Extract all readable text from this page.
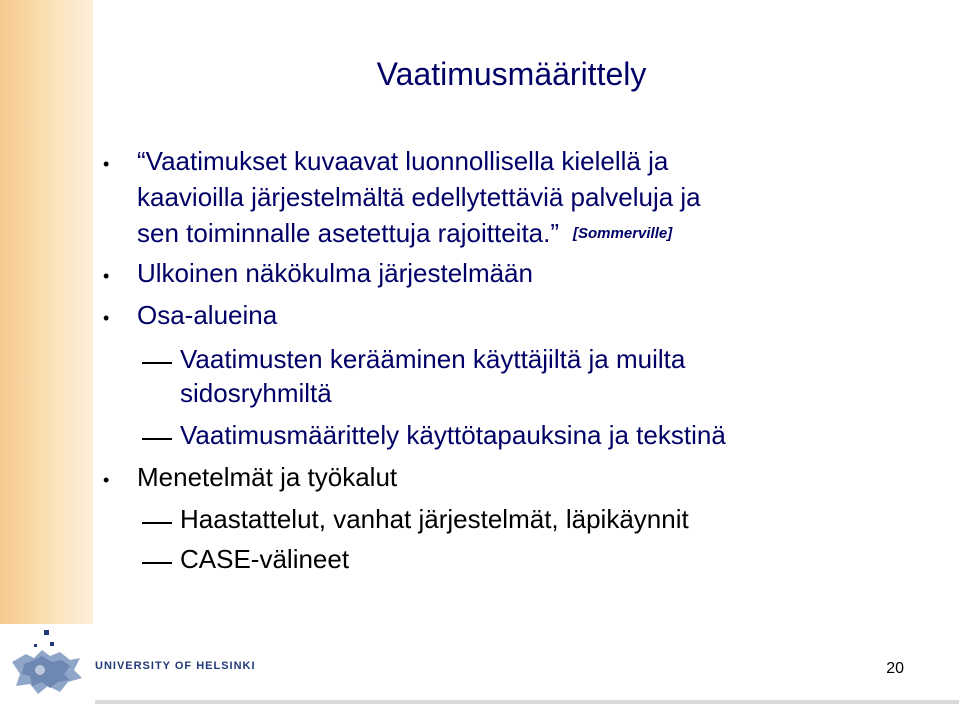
Vaatimusmäärittely
• “Vaatimukset kuvaavat luonnollisella kielellä ja
kaavioilla järjestelmältä edellytettäviä palveluja ja
sen toiminnalle asetettuja rajoitteita.” [Sommerville]
• Ulkoinen näkökulma järjestelmään
• Osa-alueina
Vaatimusten kerääminen käyttäjiltä ja muilta
sidosryhmiltä
Vaatimusmäärittely käyttötapauksina ja tekstinä
• Menetelmät ja työkalut
Haastattelut, vanhat järjestelmät, läpikäynnit
CASE-välineet
UNIVERSITY OF HELSINKI	20
